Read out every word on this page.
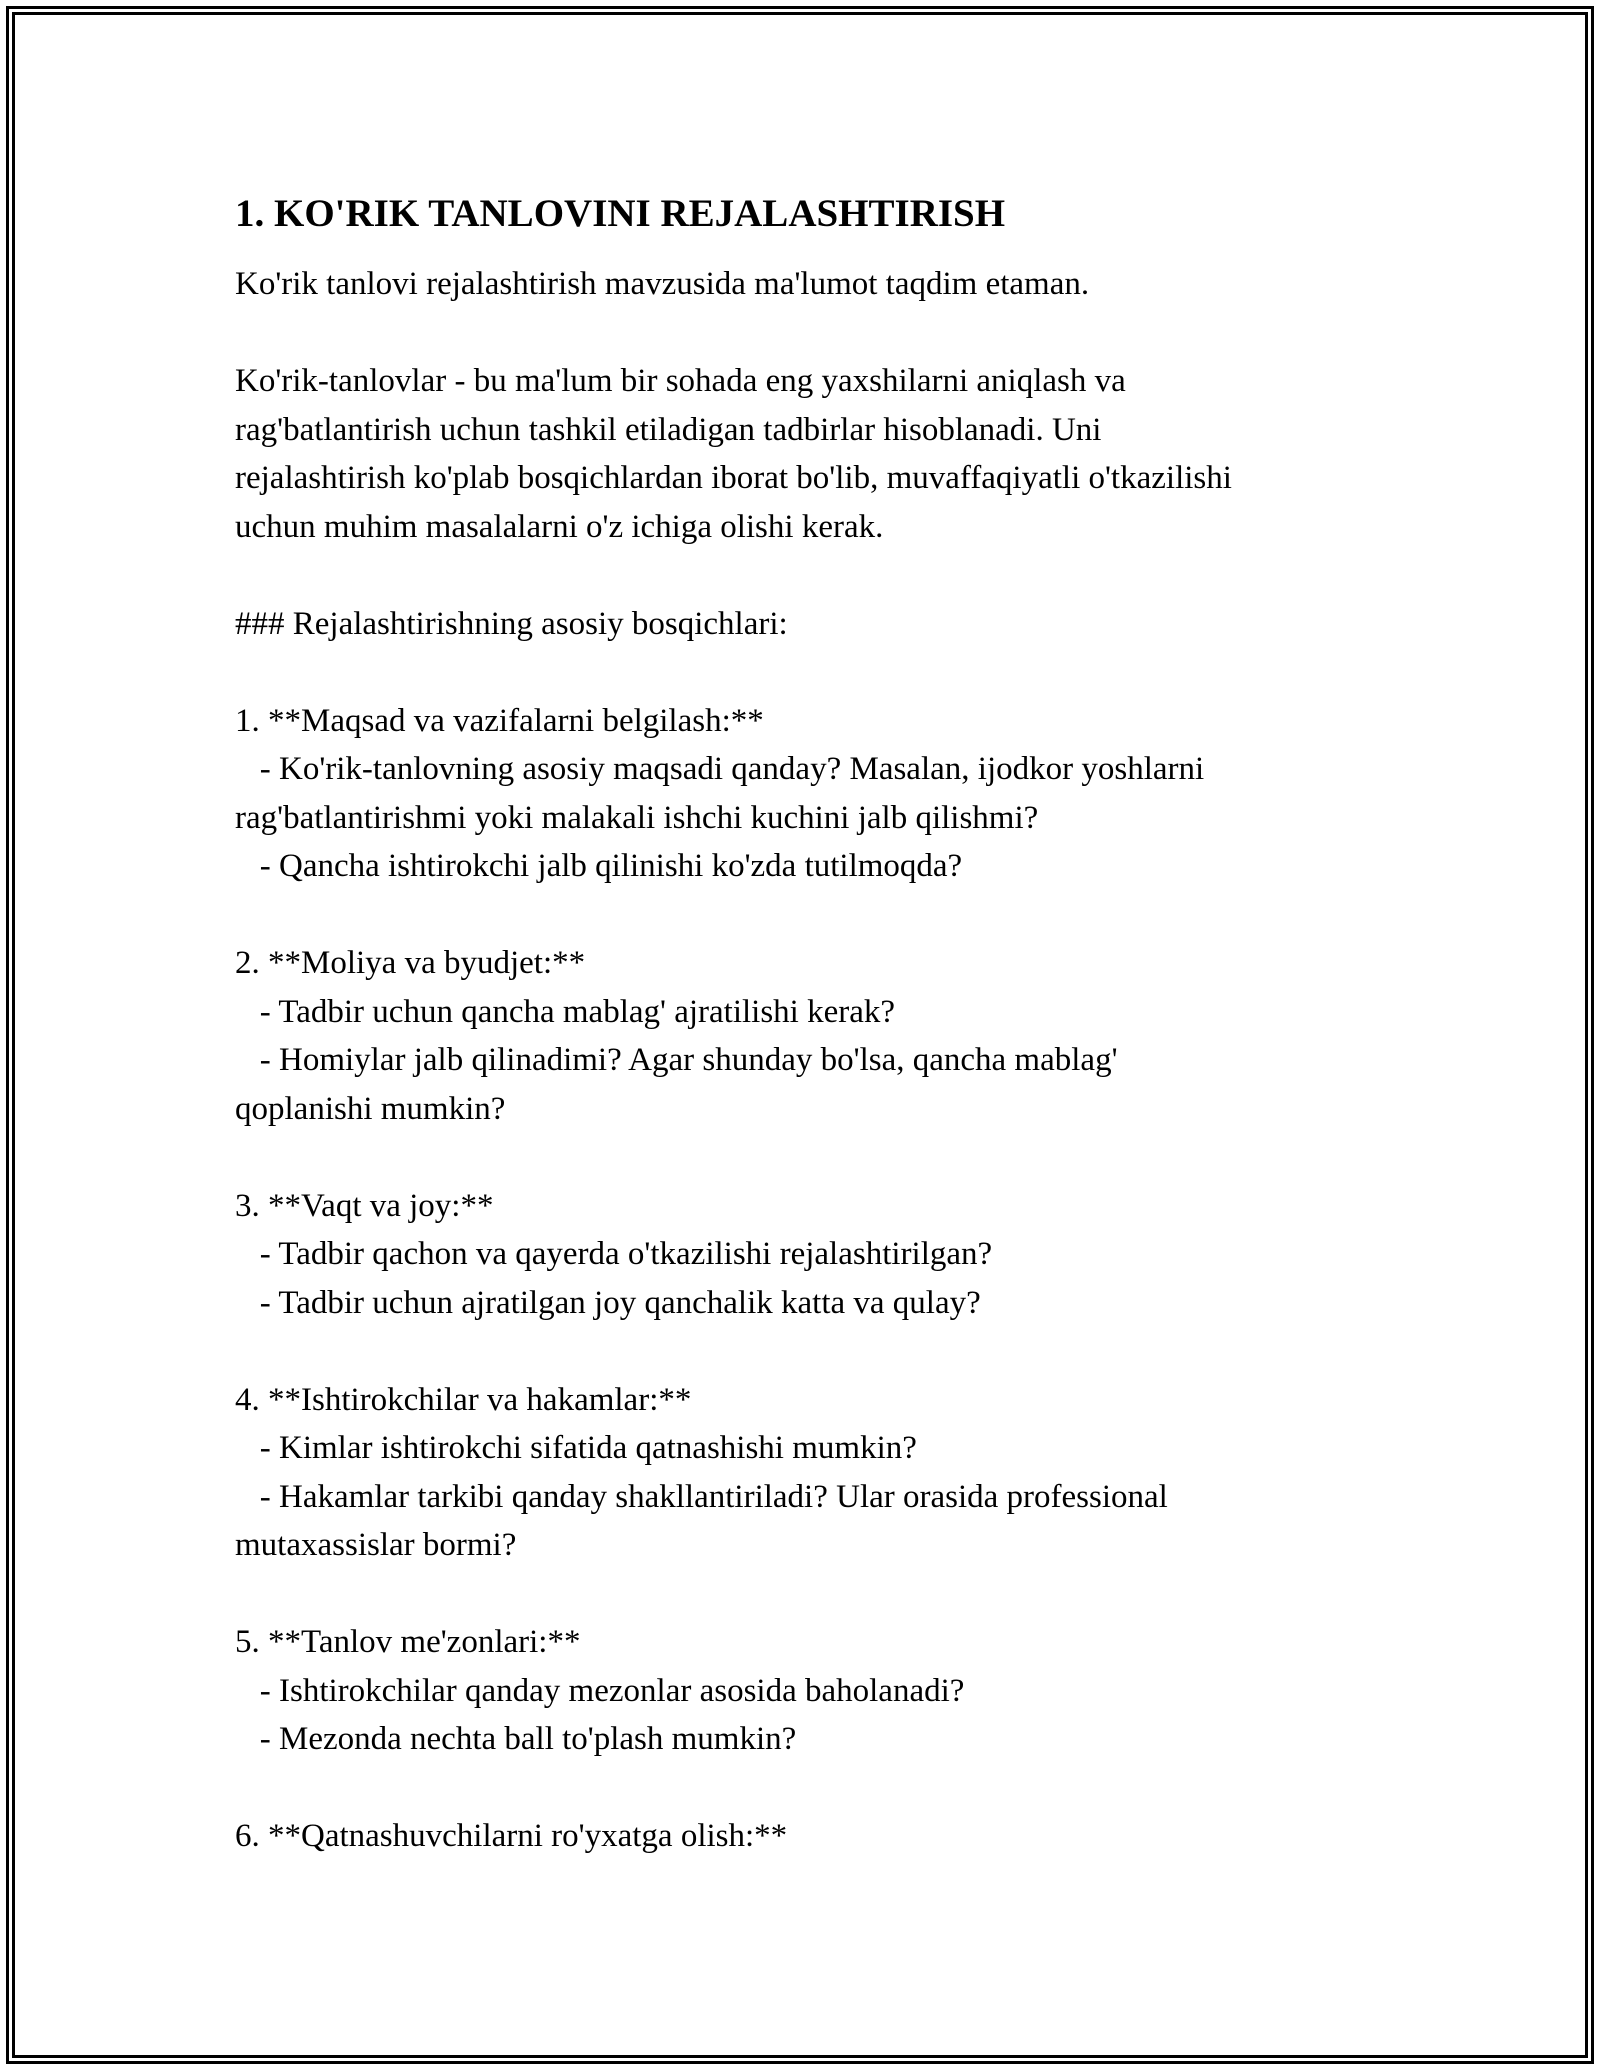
1. KO'RIK TANLOVINI REJALASHTIRISH

Ko'rik tanlovi rejalashtirish mavzusida ma'lumot taqdim etaman.

Ko'rik-tanlovlar - bu ma'lum bir sohada eng yaxshilarni aniqlash va

rag'batlantirish uchun tashkil etiladigan tadbirlar hisoblanadi. Uni

rejalashtirish ko'plab bosqichlardan iborat bo'lib, muvaffaqiyatli o'tkazilishi

uchun muhim masalalarni o'z ichiga olishi kerak.

### Rejalashtirishning asosiy bosqichlari:

1. **Maqsad va vazifalarni belgilash:**

- Ko'rik-tanlovning asosiy maqsadi qanday? Masalan, ijodkor yoshlarni

rag'batlantirishmi yoki malakali ishchi kuchini jalb qilishmi?

- Qancha ishtirokchi jalb qilinishi ko'zda tutilmoqda?

2. **Moliya va byudjet:**

- Tadbir uchun qancha mablag' ajratilishi kerak?

- Homiylar jalb qilinadimi? Agar shunday bo'lsa, qancha mablag'

qoplanishi mumkin?

3. **Vaqt va joy:**

- Tadbir qachon va qayerda o'tkazilishi rejalashtirilgan?

- Tadbir uchun ajratilgan joy qanchalik katta va qulay?

4. **Ishtirokchilar va hakamlar:**

- Kimlar ishtirokchi sifatida qatnashishi mumkin?

- Hakamlar tarkibi qanday shakllantiriladi? Ular orasida professional

mutaxassislar bormi?

5. **Tanlov me'zonlari:**

- Ishtirokchilar qanday mezonlar asosida baholanadi?

- Mezonda nechta ball to'plash mumkin?

6. **Qatnashuvchilarni ro'yxatga olish:**
